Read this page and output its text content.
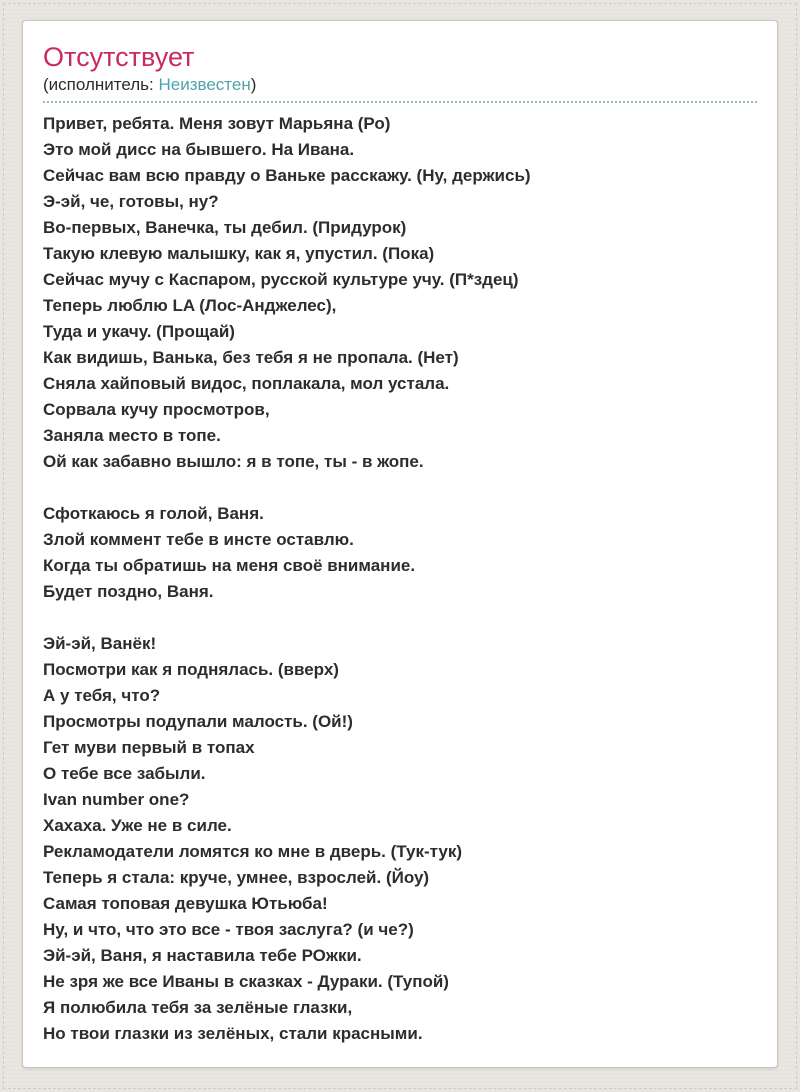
Отсутствует
(исполнитель: Неизвестен)
Привет, ребята. Меня зовут Марьяна (Ро)
Это мой дисс на бывшего. На Ивана.
Сейчас вам всю правду о Ваньке расскажу. (Ну, держись)
Э-эй, че, готовы, ну?
Во-первых, Ванечка, ты дебил. (Придурок)
Такую клевую малышку, как я, упустил. (Пока)
Сейчас мучу с Каспаром, русской культуре учу. (П*здец)
Теперь люблю LA (Лос-Анджелес),
Туда и укачу. (Прощай)
Как видишь, Ванька, без тебя я не пропала. (Нет)
Сняла хайповый видос, поплакала, мол устала.
Сорвала кучу просмотров,
Заняла место в топе.
Ой как забавно вышло: я в топе, ты - в жопе.

Сфоткаюсь я голой, Ваня.
Злой коммент тебе в инсте оставлю.
Когда ты обратишь на меня своё внимание.
Будет поздно, Ваня.

Эй-эй, Ванёк!
Посмотри как я поднялась. (вверх)
А у тебя, что?
Просмотры подупали малость. (Ой!)
Гет муви первый в топах
О тебе все забыли.
Ivan number one?
Хахаха. Уже не в силе.
Рекламодатели ломятся ко мне в дверь. (Тук-тук)
Теперь я стала: круче, умнее, взрослей. (Йоу)
Самая топовая девушка Ютьюба!
Ну, и что, что это все - твоя заслуга? (и че?)
Эй-эй, Ваня, я наставила тебе РОжки.
Не зря же все Иваны в сказках - Дураки. (Тупой)
Я полюбила тебя за зелёные глазки,
Но твои глазки из зелёных, стали красными.
